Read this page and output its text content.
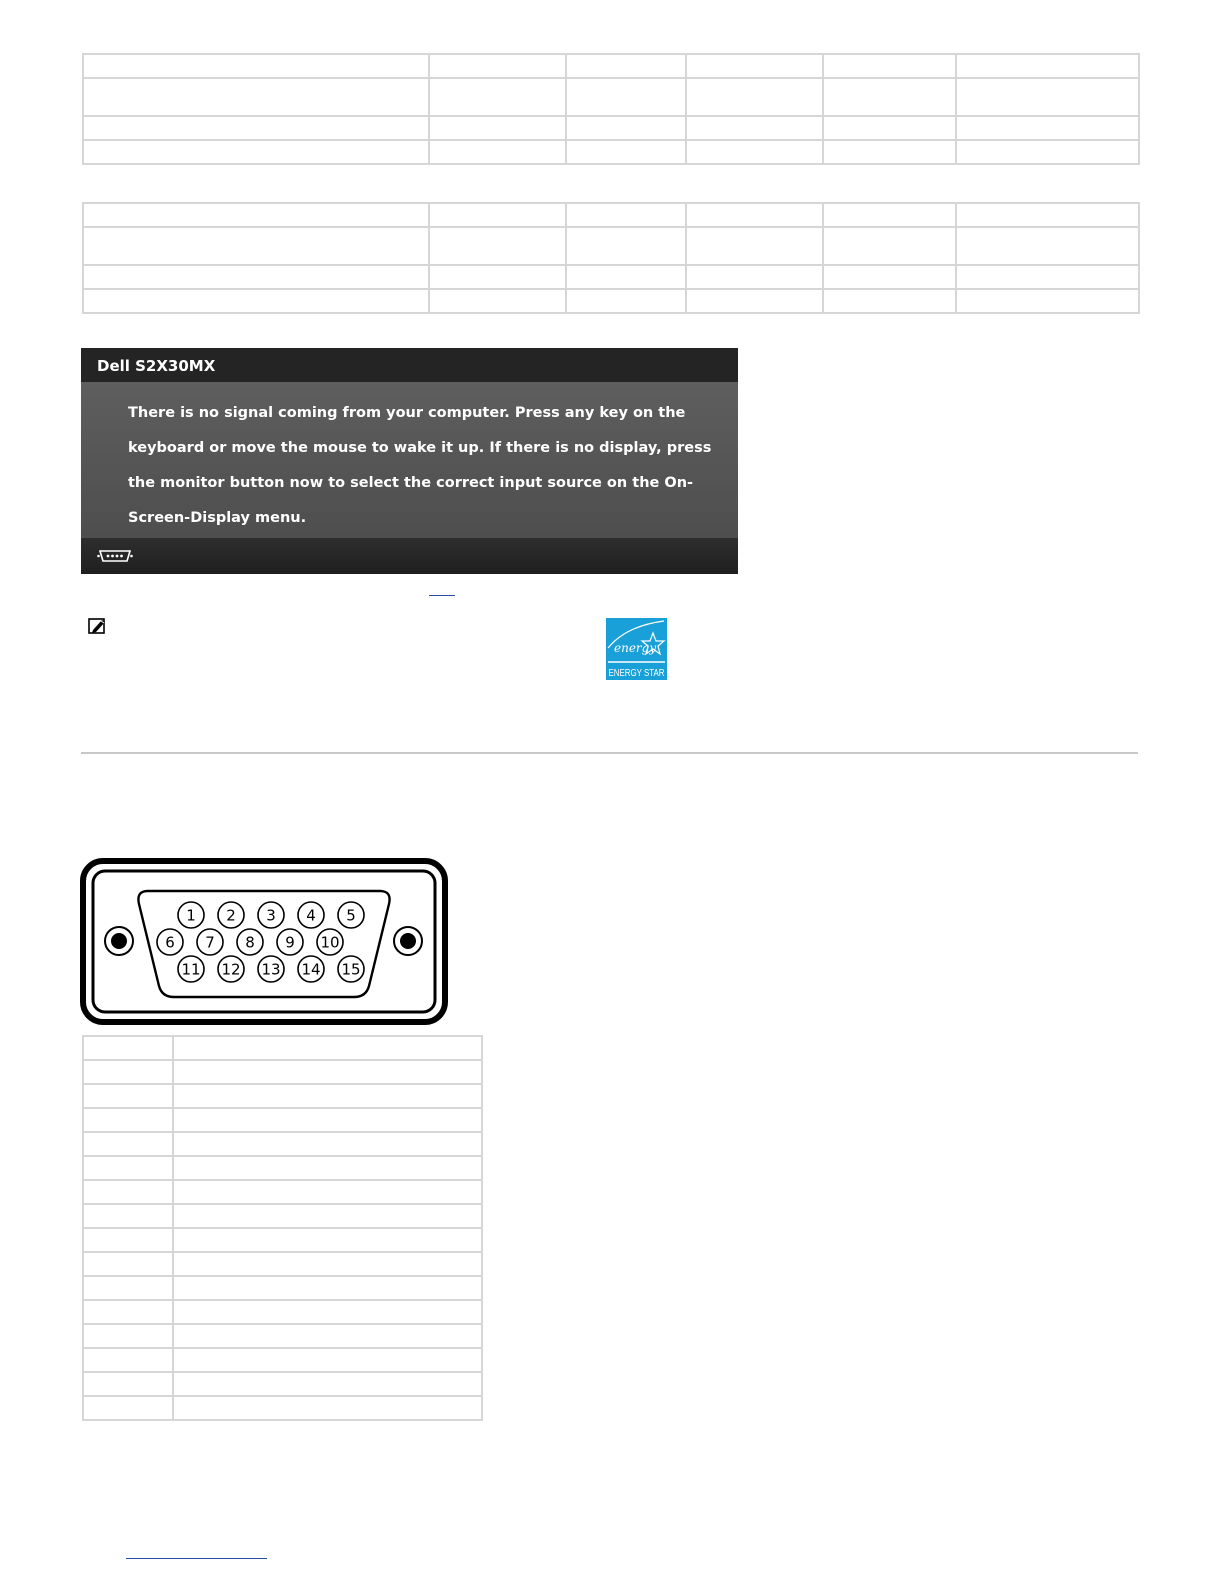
Dell S2X30MX

There is no signal coming from your computer. Press any key on the keyboard or move the mouse to wake it up. If there is no display, press the monitor button now to select the correct input source on the On-Screen-Display menu.

energy
ENERGY STAR
1 2 3 4 5
6 7 8 9 10
11 12 13 14 15
